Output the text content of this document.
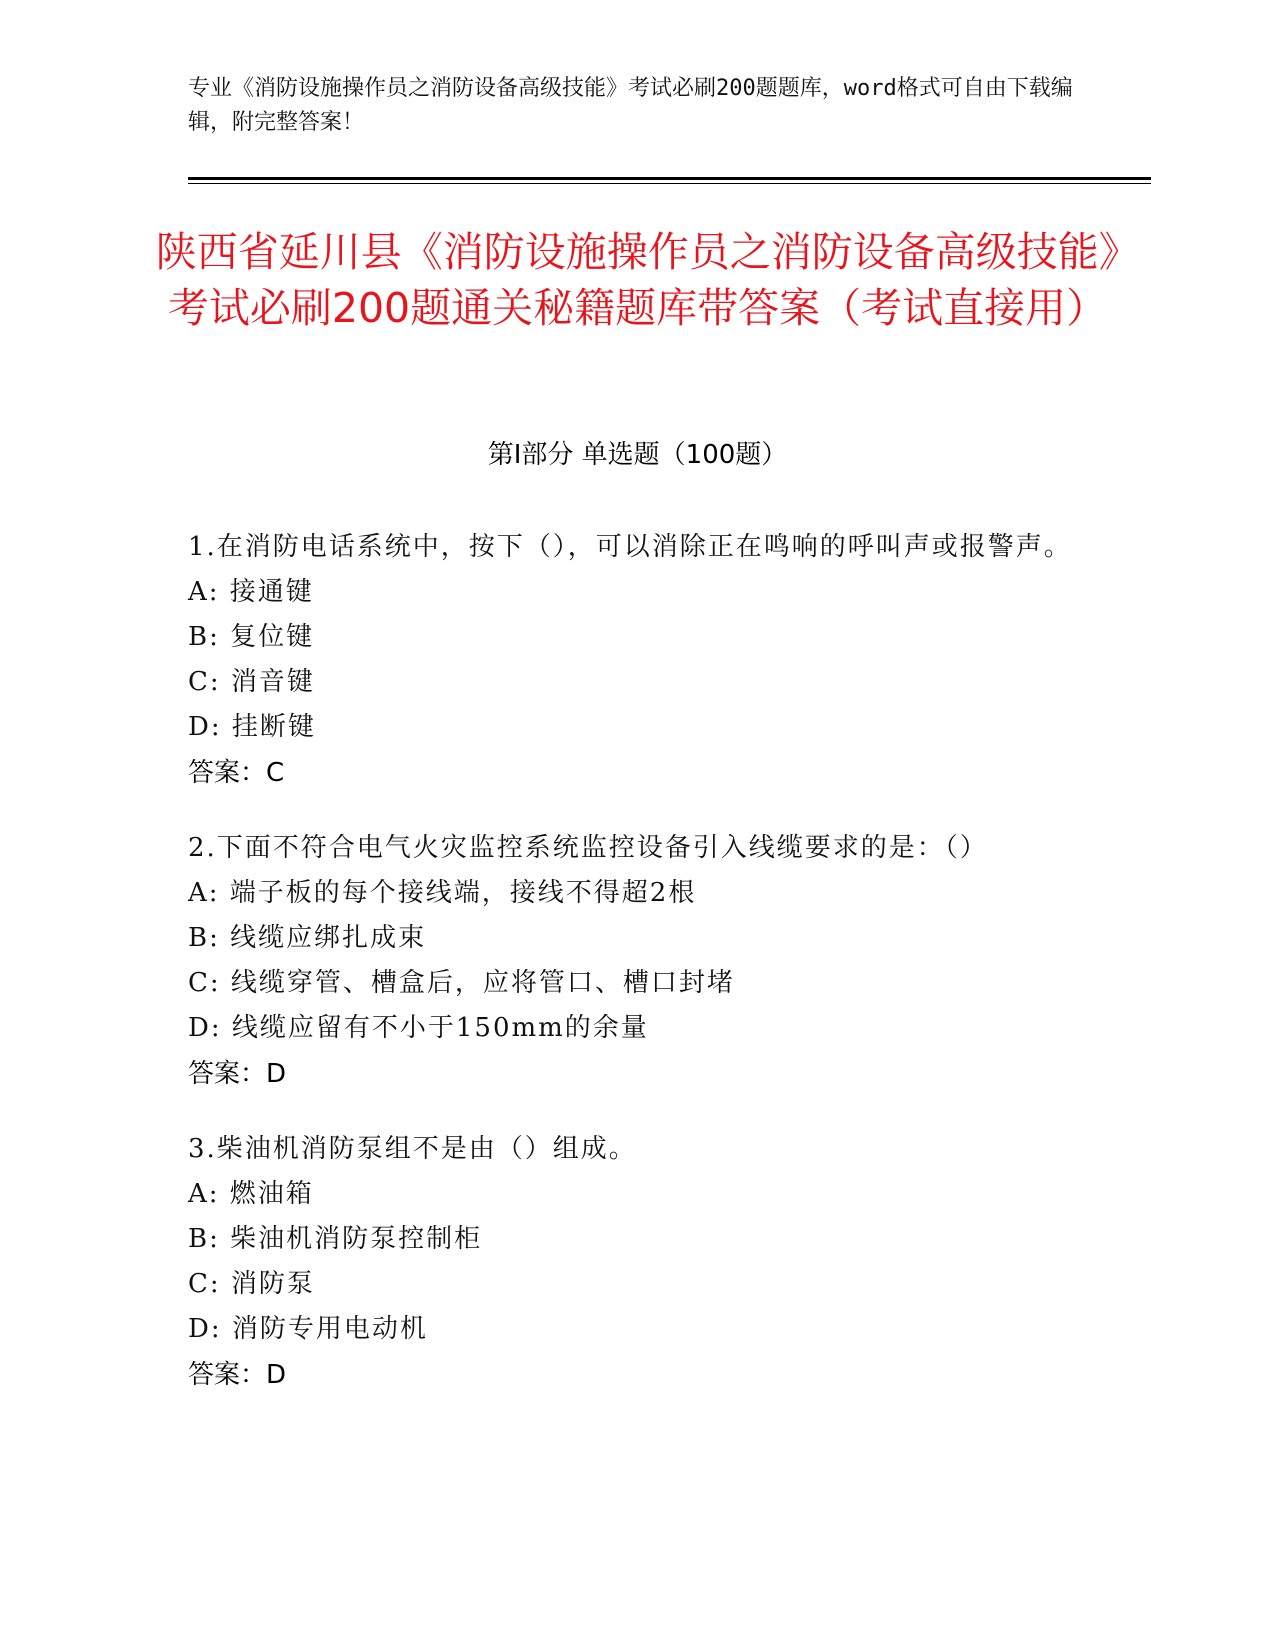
专业《消防设施操作员之消防设备高级技能》考试必刷200题题库，word格式可自由下载编辑，附完整答案！
陕西省延川县《消防设施操作员之消防设备高级技能》考试必刷200题通关秘籍题库带答案（考试直接用）
第I部分 单选题（100题）
1.在消防电话系统中，按下（），可以消除正在鸣响的呼叫声或报警声。
A: 接通键
B: 复位键
C: 消音键
D: 挂断键
答案：C
2.下面不符合电气火灾监控系统监控设备引入线缆要求的是：（）
A: 端子板的每个接线端，接线不得超2根
B: 线缆应绑扎成束
C: 线缆穿管、槽盒后，应将管口、槽口封堵
D: 线缆应留有不小于150mm的余量
答案：D
3.柴油机消防泵组不是由（）组成。
A: 燃油箱
B: 柴油机消防泵控制柜
C: 消防泵
D: 消防专用电动机
答案：D
